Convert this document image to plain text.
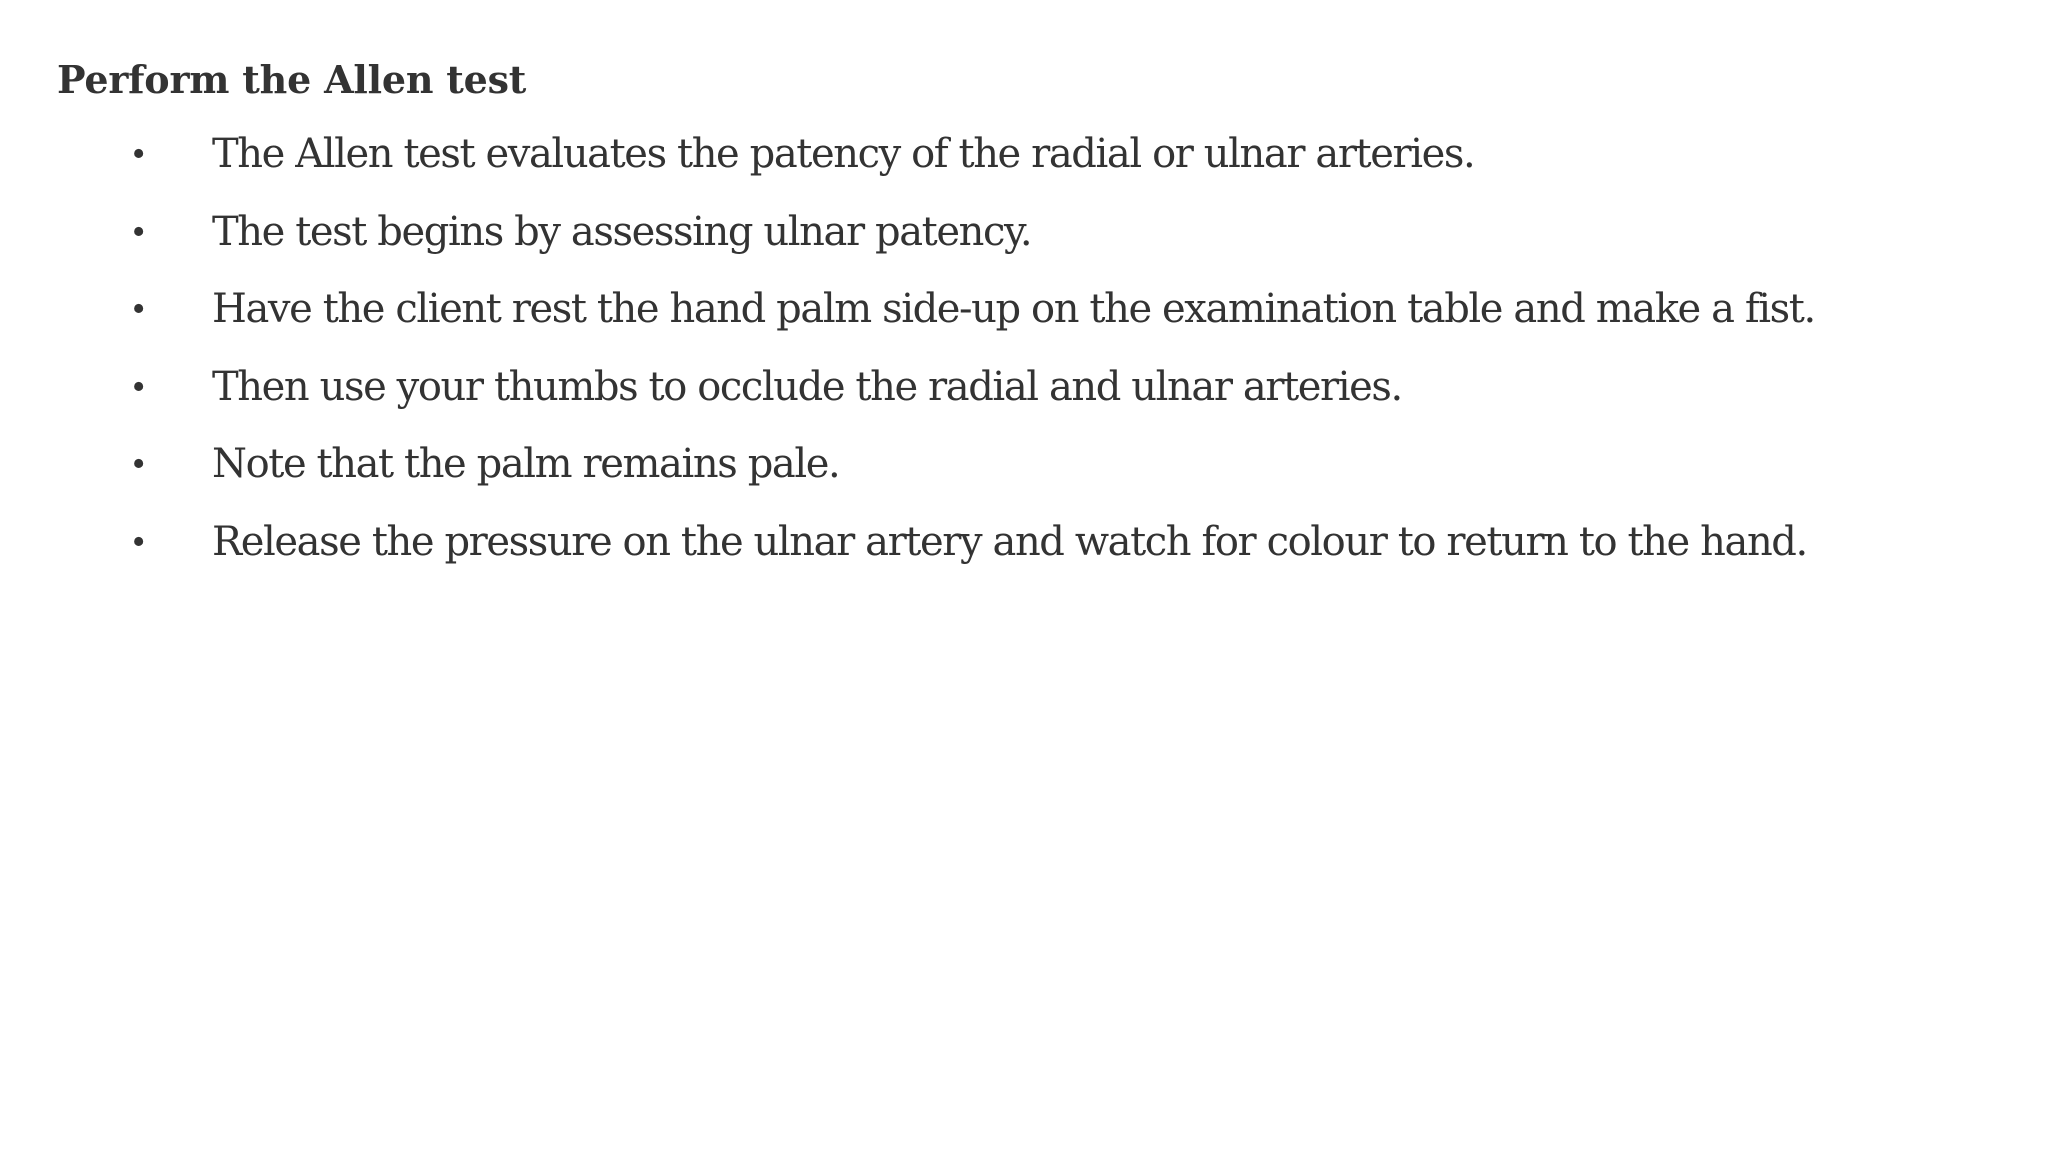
Perform the Allen test
• The Allen test evaluates the patency of the radial or ulnar arteries.
• The test begins by assessing ulnar patency.
• Have the client rest the hand palm side-up on the examination table and make a fist.
• Then use your thumbs to occlude the radial and ulnar arteries.
• Note that the palm remains pale.
• Release the pressure on the ulnar artery and watch for colour to return to the hand.
